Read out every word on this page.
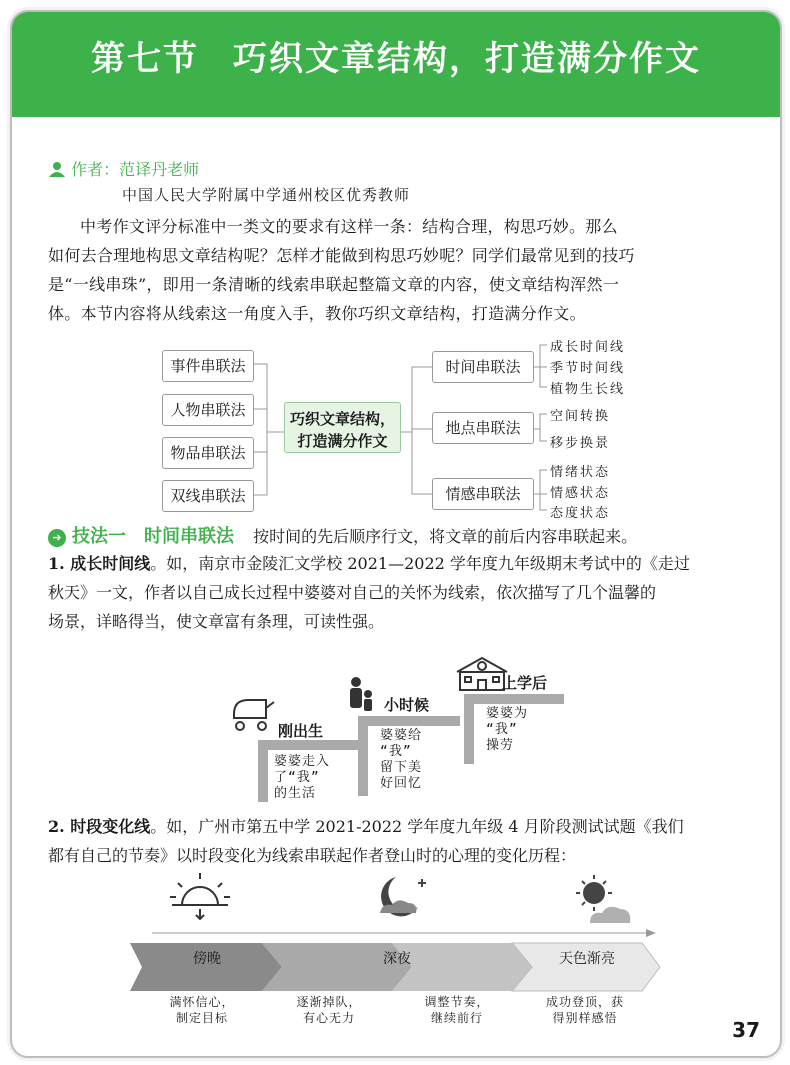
第七节 巧织文章结构，打造满分作文
作者：范译丹老师
中国人民大学附属中学通州校区优秀教师
中考作文评分标准中一类文的要求有这样一条：结构合理，构思巧妙。那么
如何去合理地构思文章结构呢？怎样才能做到构思巧妙呢？同学们最常见到的技巧
是“一线串珠”，即用一条清晰的线索串联起整篇文章的内容，使文章结构浑然一
体。本节内容将从线索这一角度入手，教你巧织文章结构，打造满分作文。
事件串联法
人物串联法
物品串联法
双线串联法
巧织文章结构，
打造满分作文
时间串联法
地点串联法
情感串联法
成长时间线
季节时间线
植物生长线
空间转换
移步换景
情绪状态
情感状态
态度状态
➔ 技法一　时间串联法 按时间的先后顺序行文，将文章的前后内容串联起来。
1. 成长时间线。如，南京市金陵汇文学校 2021—2022 学年度九年级期末考试中的《走过
秋天》一文，作者以自己成长过程中婆婆对自己的关怀为线索，依次描写了几个温馨的
场景，详略得当，使文章富有条理，可读性强。
刚出生
小时候
上学后
婆婆走入
了“我”
的生活
婆婆给
“我”
留下美
好回忆
婆婆为
“我”
操劳
2. 时段变化线。如，广州市第五中学 2021-2022 学年度九年级 4 月阶段测试试题《我们
都有自己的节奏》以时段变化为线索串联起作者登山时的心理的变化历程：
傍晚	深夜	天色渐亮
满怀信心，
制定目标
逐渐掉队，
有心无力
调整节奏，
继续前行
成功登顶，获
得别样感悟	37
